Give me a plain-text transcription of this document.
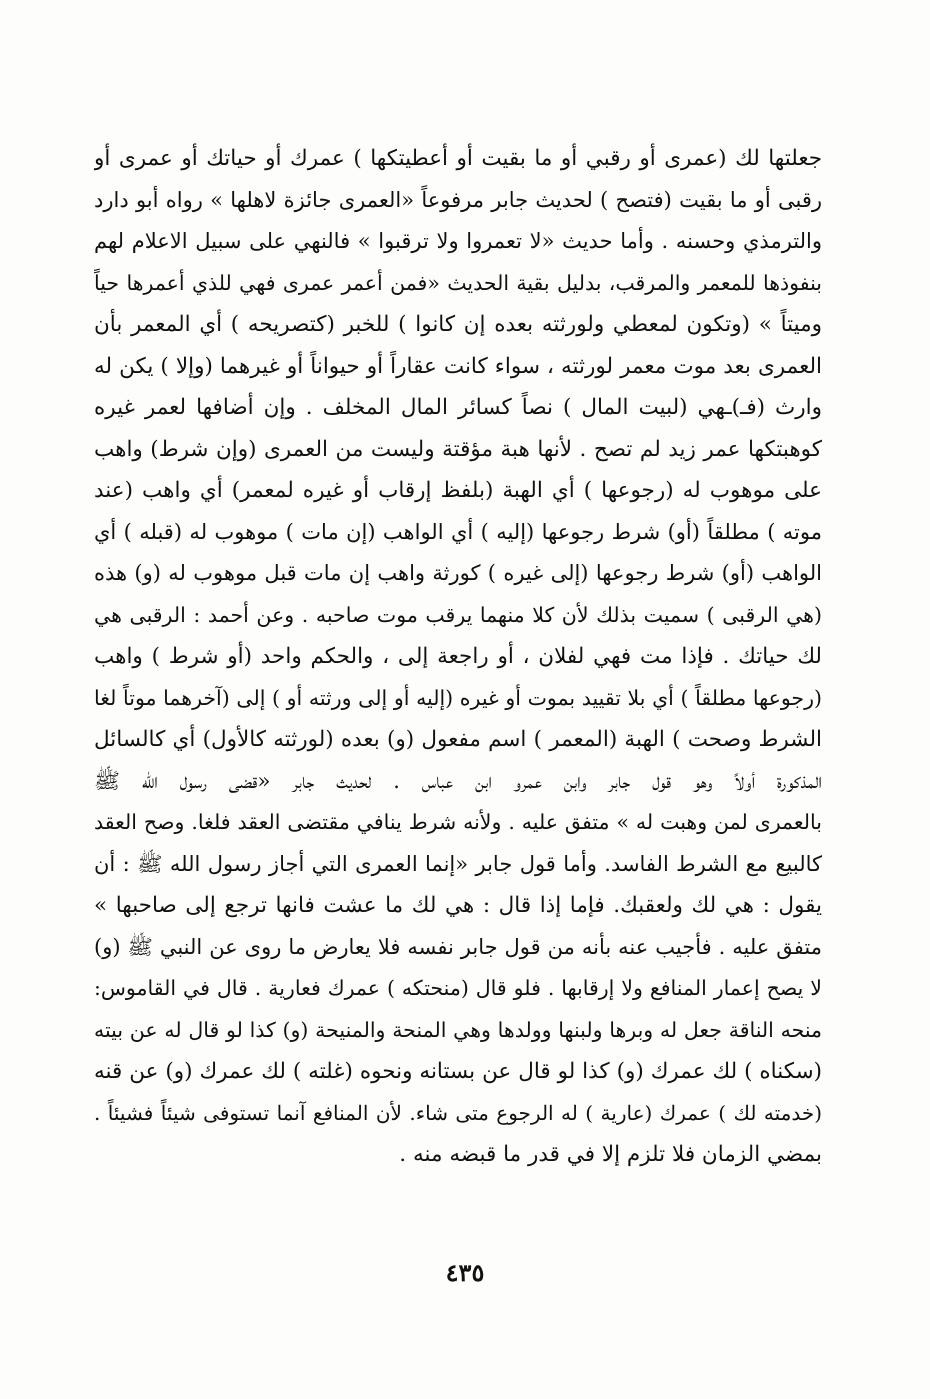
جعلتها لك (عمرى أو رقبي أو ما بقيت أو أعطيتكها ) عمرك أو حياتك أو عمرى أو
رقبى أو ما بقيت (فتصح ) لحديث جابر مرفوعاً «العمرى جائزة لاهلها » رواه أبو دارد
والترمذي وحسنه . وأما حديث «لا تعمروا ولا ترقبوا » فالنهي على سبيل الاعلام لهم
بنفوذها للمعمر والمرقب، بدليل بقية الحديث «فمن أعمر عمرى فهي للذي أعمرها حياً
وميتاً » (وتكون لمعطي ولورثته بعده إن كانوا ) للخبر (كتصريحه ) أي المعمر بأن
العمرى بعد موت معمر لورثته ، سواء كانت عقاراً أو حيواناً أو غيرهما (وإلا ) يكن له
وارث (فـ)ـهي (لبيت المال ) نصاً كسائر المال المخلف . وإن أضافها لعمر غيره
كوهبتكها عمر زيد لم تصح . لأنها هبة مؤقتة وليست من العمرى (وإن شرط) واهب
على موهوب له (رجوعها ) أي الهبة (بلفظ إرقاب أو غيره لمعمر) أي واهب (عند
موته ) مطلقاً (أو) شرط رجوعها (إليه ) أي الواهب (إن مات ) موهوب له (قبله ) أي
الواهب (أو) شرط رجوعها (إلى غيره ) كورثة واهب إن مات قبل موهوب له (و) هذه
(هي الرقبى ) سميت بذلك لأن كلا منهما يرقب موت صاحبه . وعن أحمد : الرقبى هي
لك حياتك . فإذا مت فهي لفلان ، أو راجعة إلى ، والحكم واحد (أو شرط ) واهب
(رجوعها مطلقاً ) أي بلا تقييد بموت أو غيره (إليه أو إلى ورثته أو ) إلى (آخرهما موتاً لغا
الشرط وصحت ) الهبة (المعمر ) اسم مفعول (و) بعده (لورثته كالأول) أي كالسائل
المذكورة أولاً وهو قول جابر وابن عمرو ابن عباس . لحديث جابر «قضى رسول الله ﷺ
بالعمرى لمن وهبت له » متفق عليه . ولأنه شرط ينافي مقتضى العقد فلغا. وصح العقد
كالبيع مع الشرط الفاسد. وأما قول جابر «إنما العمرى التي أجاز رسول الله ﷺ : أن
يقول : هي لك ولعقبك. فإما إذا قال : هي لك ما عشت فانها ترجع إلى صاحبها »
متفق عليه . فأجيب عنه بأنه من قول جابر نفسه فلا يعارض ما روى عن النبي ﷺ (و)
لا يصح إعمار المنافع ولا إرقابها . فلو قال (منحتكه ) عمرك فعارية . قال في القاموس:
منحه الناقة جعل له وبرها ولبنها وولدها وهي المنحة والمنيحة (و) كذا لو قال له عن بيته
(سكناه ) لك عمرك (و) كذا لو قال عن بستانه ونحوه (غلته ) لك عمرك (و) عن قنه
(خدمته لك ) عمرك (عارية ) له الرجوع متى شاء. لأن المنافع آنما تستوفى شيئاً فشيئاً .
بمضي الزمان فلا تلزم إلا في قدر ما قبضه منه .
٤٣٥
